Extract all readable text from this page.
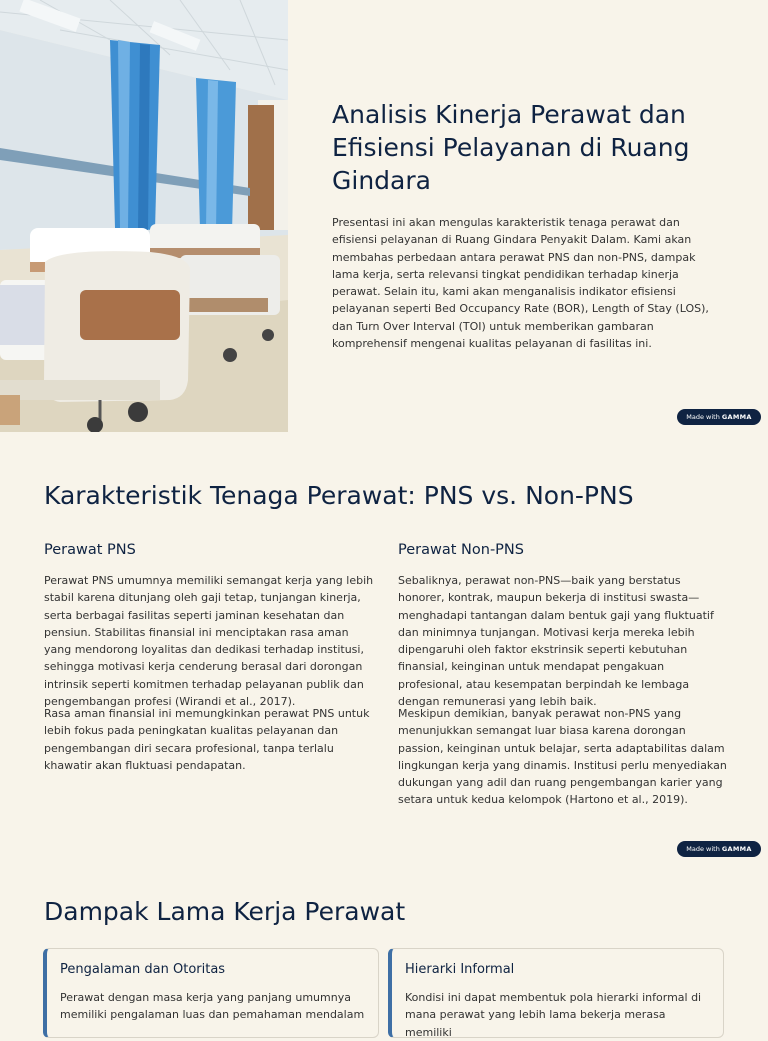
Analisis Kinerja Perawat dan Efisiensi Pelayanan di Ruang Gindara

Presentasi ini akan mengulas karakteristik tenaga perawat dan efisiensi pelayanan di Ruang Gindara Penyakit Dalam. Kami akan membahas perbedaan antara perawat PNS dan non-PNS, dampak lama kerja, serta relevansi tingkat pendidikan terhadap kinerja perawat. Selain itu, kami akan menganalisis indikator efisiensi pelayanan seperti Bed Occupancy Rate (BOR), Length of Stay (LOS), dan Turn Over Interval (TOI) untuk memberikan gambaran komprehensif mengenai kualitas pelayanan di fasilitas ini.

Made with GAMMA
Karakteristik Tenaga Perawat: PNS vs. Non-PNS
Perawat PNS

Perawat PNS umumnya memiliki semangat kerja yang lebih stabil karena ditunjang oleh gaji tetap, tunjangan kinerja, serta berbagai fasilitas seperti jaminan kesehatan dan pensiun. Stabilitas finansial ini menciptakan rasa aman yang mendorong loyalitas dan dedikasi terhadap institusi, sehingga motivasi kerja cenderung berasal dari dorongan intrinsik seperti komitmen terhadap pelayanan publik dan pengembangan profesi (Wirandi et al., 2017).

Rasa aman finansial ini memungkinkan perawat PNS untuk lebih fokus pada peningkatan kualitas pelayanan dan pengembangan diri secara profesional, tanpa terlalu khawatir akan fluktuasi pendapatan.

Perawat Non-PNS

Sebaliknya, perawat non-PNS—baik yang berstatus honorer, kontrak, maupun bekerja di institusi swasta—menghadapi tantangan dalam bentuk gaji yang fluktuatif dan minimnya tunjangan. Motivasi kerja mereka lebih dipengaruhi oleh faktor ekstrinsik seperti kebutuhan finansial, keinginan untuk mendapat pengakuan profesional, atau kesempatan berpindah ke lembaga dengan remunerasi yang lebih baik.

Meskipun demikian, banyak perawat non-PNS yang menunjukkan semangat luar biasa karena dorongan passion, keinginan untuk belajar, serta adaptabilitas dalam lingkungan kerja yang dinamis. Institusi perlu menyediakan dukungan yang adil dan ruang pengembangan karier yang setara untuk kedua kelompok (Hartono et al., 2019).

Made with GAMMA
Dampak Lama Kerja Perawat
Pengalaman dan Otoritas

Perawat dengan masa kerja yang panjang umumnya memiliki pengalaman luas dan pemahaman mendalam

Hierarki Informal

Kondisi ini dapat membentuk pola hierarki informal di mana perawat yang lebih lama bekerja merasa memiliki
